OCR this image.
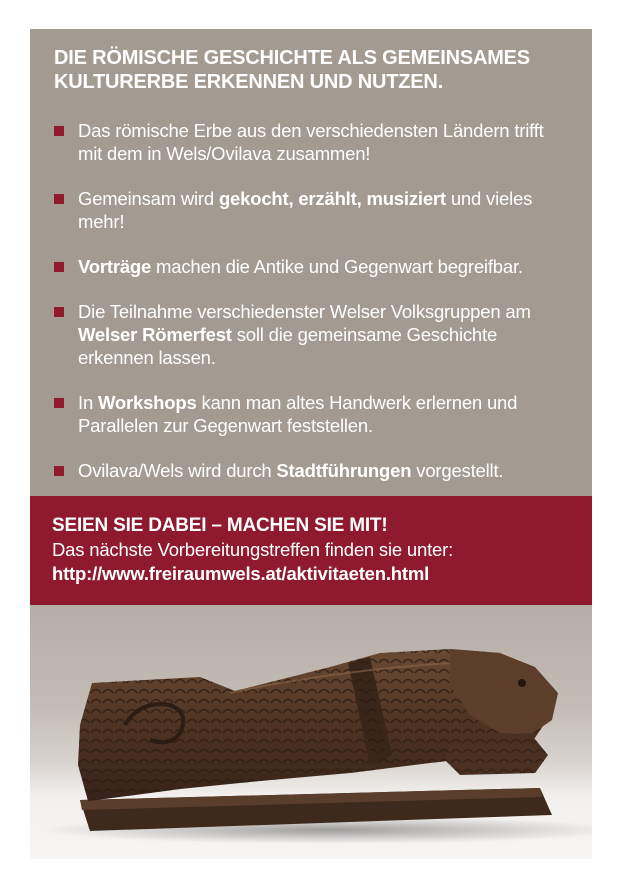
DIE RÖMISCHE GESCHICHTE ALS GEMEINSAMES
KULTURERBE ERKENNEN UND NUTZEN.
Das römische Erbe aus den verschiedensten Ländern trifft mit dem in Wels/Ovilava zusammen!
Gemeinsam wird gekocht, erzählt, musiziert und vieles mehr!
Vorträge machen die Antike und Gegenwart begreifbar.
Die Teilnahme verschiedenster Welser Volksgruppen am Welser Römerfest soll die gemeinsame Geschichte erkennen lassen.
In Workshops kann man altes Handwerk erlernen und Parallelen zur Gegenwart feststellen.
Ovilava/Wels wird durch Stadtführungen vorgestellt.
SEIEN SIE DABEI – MACHEN SIE MIT!
Das nächste Vorbereitungstreffen finden sie unter:
http://www.freiraumwels.at/aktivitaeten.html
